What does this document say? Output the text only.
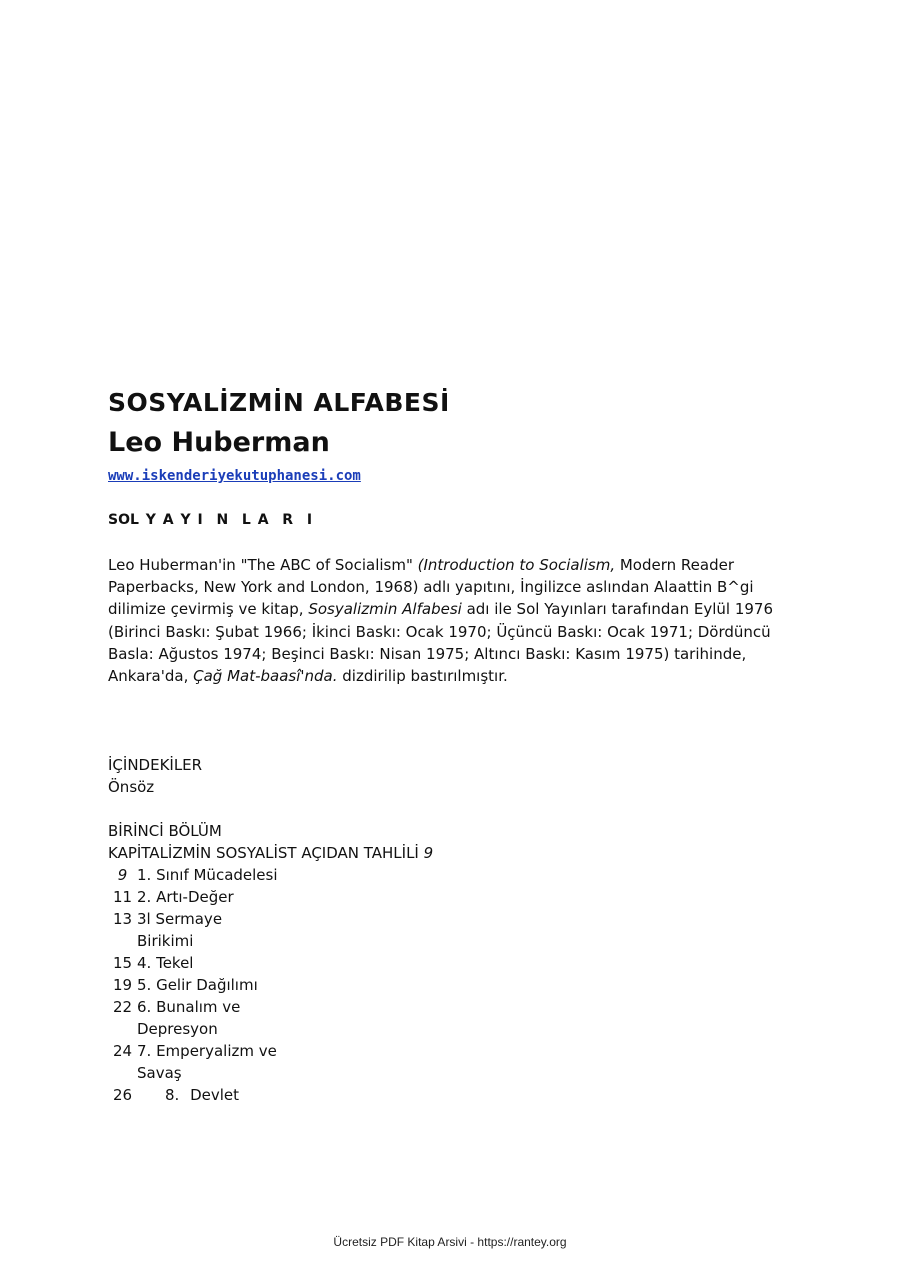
SOSYALİZMİN ALFABESİ
Leo Huberman
www.iskenderiyekutuphanesi.com
SOL Y A Y I  N  L A  R  I
Leo Huberman'in "The ABC of Socialism" (Introduction to Socialism, Modern Reader Paperbacks, New York and London, 1968) adlı yapıtını, İngilizce aslından Alaattin B^gi dilimize çevirmiş ve kitap, Sosyalizmin Alfabesi adı ile Sol Yayınları tarafından Eylül 1976 (Birinci Baskı: Şubat 1966; İkinci Baskı: Ocak 1970; Üçüncü Baskı: Ocak 1971; Dördüncü Basla: Ağustos 1974; Beşinci Baskı: Nisan 1975; Altıncı Baskı: Kasım 1975) tarihinde, Ankara'da, Çağ Mat-baasî'nda. dizdirilip bastırılmıştır.
İÇİNDEKİLER
Önsöz
BİRİNCİ BÖLÜM
KAPİTALİZMİN SOSYALİST AÇIDAN TAHLİLİ 9
9 1. Sınıf Mücadelesi
11 2. Artı-Değer
13 3l Sermaye
Birikimi
15 4. Tekel
19 5. Gelir Dağılımı
22 6. Bunalım ve
Depresyon
24 7. Emperyalizm ve
Savaş
26	8. Devlet
Ücretsiz PDF Kitap Arsivi - https://rantey.org
